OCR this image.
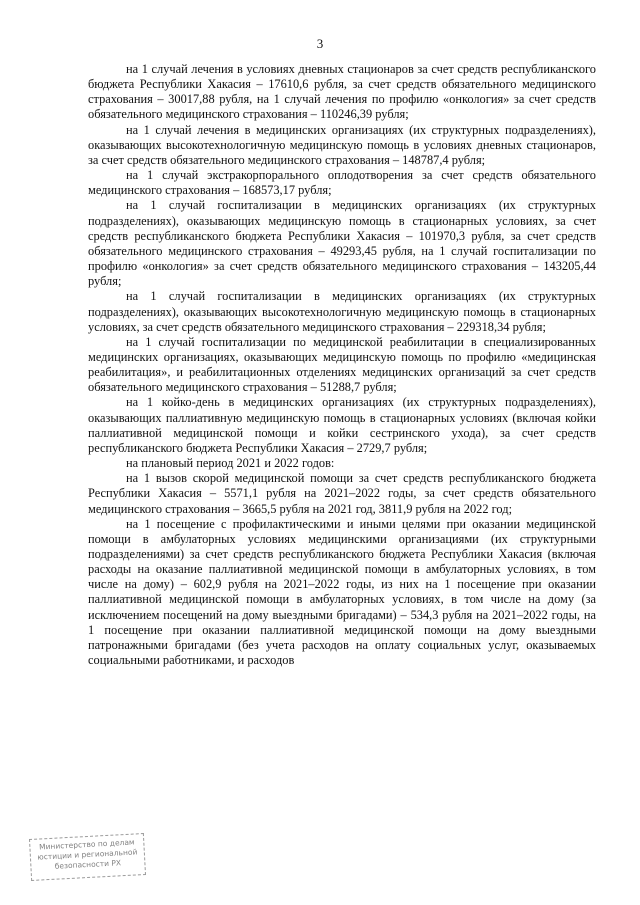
3

на 1 случай лечения в условиях дневных стационаров за счет средств республиканского бюджета Республики Хакасия – 17610,6 рубля, за счет средств обязательного медицинского страхования – 30017,88 рубля, на 1 случай лечения по профилю «онкология» за счет средств обязательного медицинского страхования – 110246,39 рубля;

на 1 случай лечения в медицинских организациях (их структурных подразделениях), оказывающих высокотехнологичную медицинскую помощь в условиях дневных стационаров, за счет средств обязательного медицинского страхования – 148787,4 рубля;

на 1 случай экстракорпорального оплодотворения за счет средств обязательного медицинского страхования – 168573,17 рубля;

на 1 случай госпитализации в медицинских организациях (их структурных подразделениях), оказывающих медицинскую помощь в стационарных условиях, за счет средств республиканского бюджета Республики Хакасия – 101970,3 рубля, за счет средств обязательного медицинского страхования – 49293,45 рубля, на 1 случай госпитализации по профилю «онкология» за счет средств обязательного медицинского страхования – 143205,44 рубля;

на 1 случай госпитализации в медицинских организациях (их структурных подразделениях), оказывающих высокотехнологичную медицинскую помощь в стационарных условиях, за счет средств обязательного медицинского страхования – 229318,34 рубля;

на 1 случай госпитализации по медицинской реабилитации в специализированных медицинских организациях, оказывающих медицинскую помощь по профилю «медицинская реабилитация», и реабилитационных отделениях медицинских организаций за счет средств обязательного медицинского страхования – 51288,7 рубля;

на 1 койко-день в медицинских организациях (их структурных подразделениях), оказывающих паллиативную медицинскую помощь в стационарных условиях (включая койки паллиативной медицинской помощи и койки сестринского ухода), за счет средств республиканского бюджета Республики Хакасия – 2729,7 рубля;

на плановый период 2021 и 2022 годов:

на 1 вызов скорой медицинской помощи за счет средств республиканского бюджета Республики Хакасия – 5571,1 рубля на 2021–2022 годы, за счет средств обязательного медицинского страхования – 3665,5 рубля на 2021 год, 3811,9 рубля на 2022 год;

на 1 посещение с профилактическими и иными целями при оказании медицинской помощи в амбулаторных условиях медицинскими организациями (их структурными подразделениями) за счет средств республиканского бюджета Республики Хакасия (включая расходы на оказание паллиативной медицинской помощи в амбулаторных условиях, в том числе на дому) – 602,9 рубля на 2021–2022 годы, из них на 1 посещение при оказании паллиативной медицинской помощи в амбулаторных условиях, в том числе на дому (за исключением посещений на дому выездными бригадами) – 534,3 рубля на 2021–2022 годы, на 1 посещение при оказании паллиативной медицинской помощи на дому выездными патронажными бригадами (без учета расходов на оплату социальных услуг, оказываемых социальными работниками, и расходов

Министерство по делам
юстиции и региональной
безопасности РХ
